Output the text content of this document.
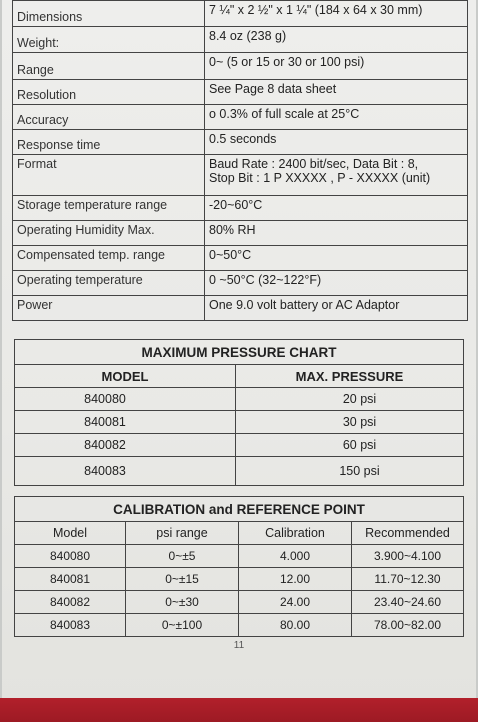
Dimensions	7 ¼" x 2 ½" x 1 ¼" (184 x 64 x 30 mm)
Weight:	8.4 oz (238 g)
Range	0~ (5 or 15 or 30 or 100 psi)
Resolution	See Page 8 data sheet
Accuracy	o 0.3% of full scale at 25°C
Response time	0.5 seconds
Format	Baud Rate : 2400 bit/sec, Data Bit : 8,
Stop Bit : 1 P XXXXX , P - XXXXX (unit)

Storage temperature range	-20~60°C
Operating Humidity Max.	80% RH
Compensated temp. range	0~50°C
Operating temperature	0 ~50°C (32~122°F)
Power	One 9.0 volt battery or AC Adaptor
MAXIMUM PRESSURE CHART	
MODEL	MAX. PRESSURE
840080	20 psi
840081	30 psi
840082	60 psi
840083	150 psi
CALIBRATION and REFERENCE POINT			
Model	psi range	Calibration	Recommended
840080	0~±5	4.000	3.900~4.100
840081	0~±15	12.00	11.70~12.30
840082	0~±30	24.00	23.40~24.60
840083	0~±100	80.00	78.00~82.00
11
